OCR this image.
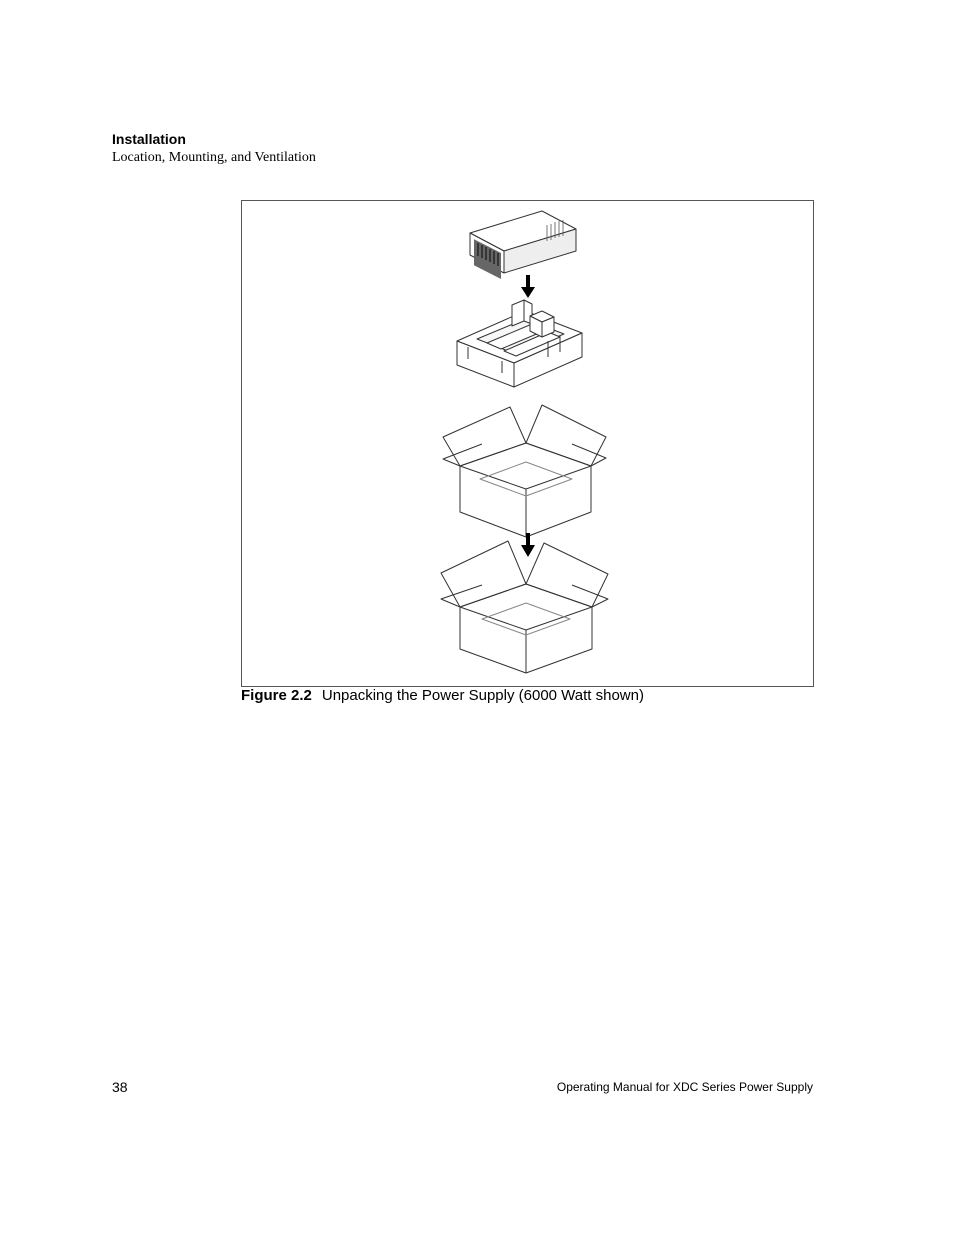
Installation
Location, Mounting, and Ventilation
Figure 2.2 Unpacking the Power Supply (6000 Watt shown)
38	Operating Manual for XDC Series Power Supply
